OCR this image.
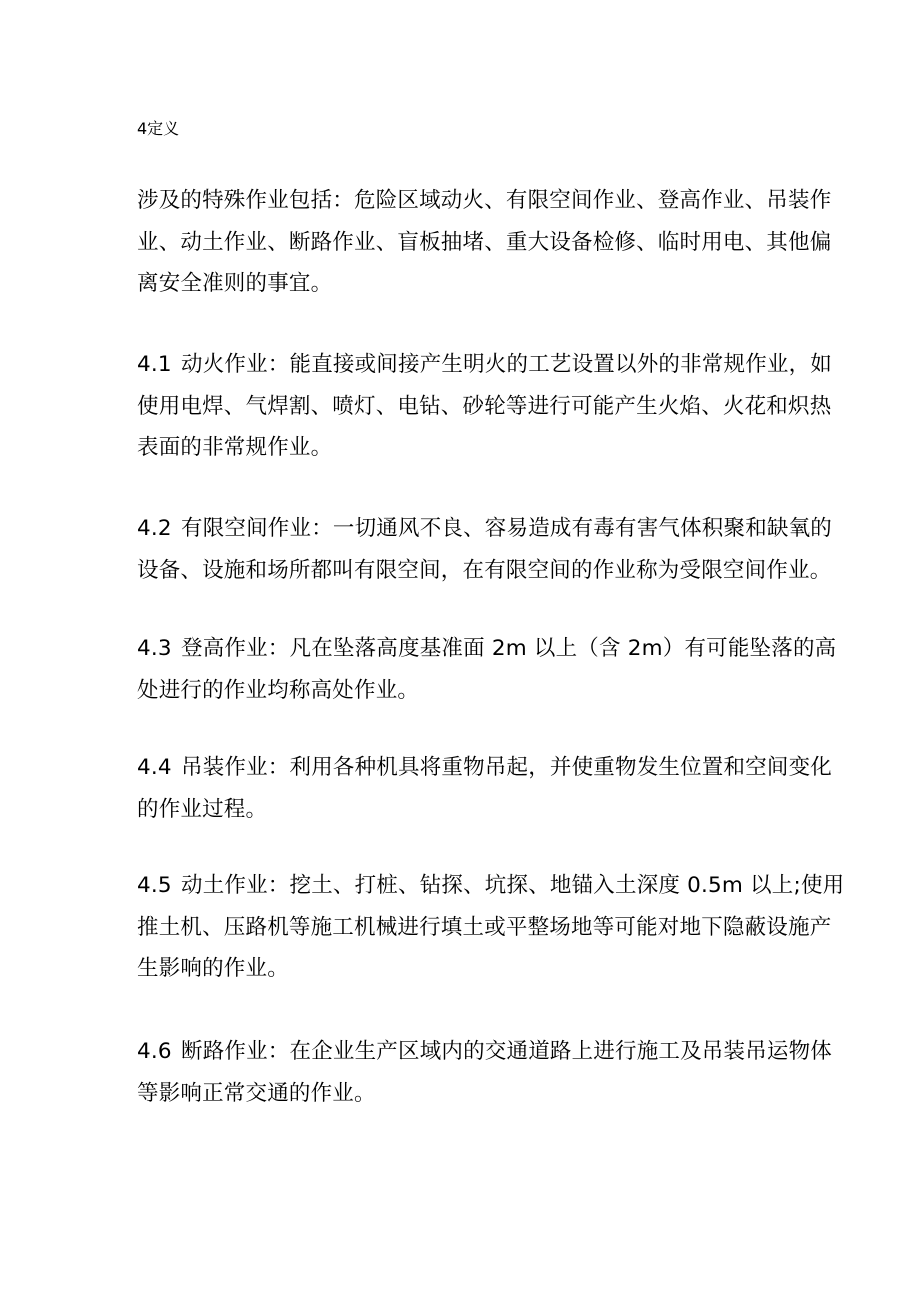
4定义
涉及的特殊作业包括：危险区域动火、有限空间作业、登高作业、吊装作
业、动土作业、断路作业、盲板抽堵、重大设备检修、临时用电、其他偏
离安全准则的事宜。
4.1 动火作业：能直接或间接产生明火的工艺设置以外的非常规作业，如
使用电焊、气焊割、喷灯、电钻、砂轮等进行可能产生火焰、火花和炽热
表面的非常规作业。
4.2 有限空间作业：一切通风不良、容易造成有毒有害气体积聚和缺氧的
设备、设施和场所都叫有限空间，在有限空间的作业称为受限空间作业。
4.3 登高作业：凡在坠落高度基准面 2m 以上（含 2m）有可能坠落的高
处进行的作业均称高处作业。
4.4 吊装作业：利用各种机具将重物吊起，并使重物发生位置和空间变化
的作业过程。
4.5 动土作业：挖土、打桩、钻探、坑探、地锚入土深度 0.5m 以上;使用
推土机、压路机等施工机械进行填土或平整场地等可能对地下隐蔽设施产
生影响的作业。
4.6 断路作业：在企业生产区域内的交通道路上进行施工及吊装吊运物体
等影响正常交通的作业。
